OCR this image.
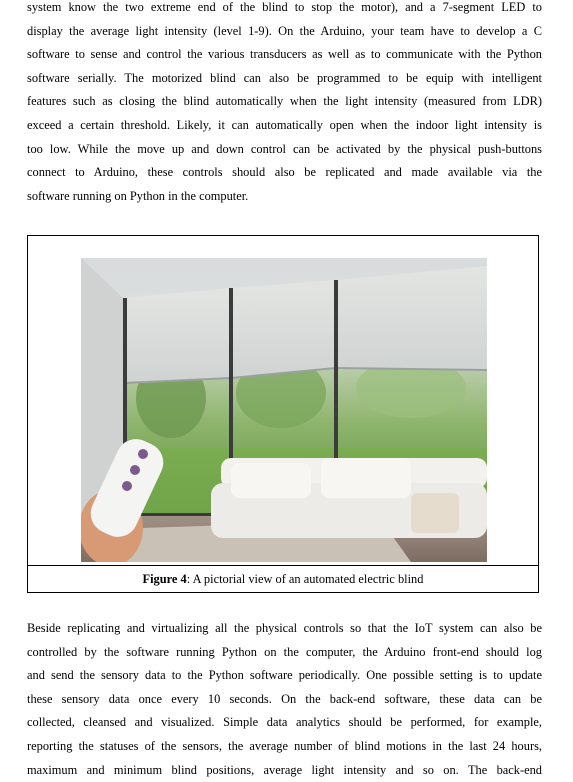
system know the two extreme end of the blind to stop the motor), and a 7-segment LED to
display the average light intensity (level 1-9). On the Arduino, your team have to develop a C
software to sense and control the various transducers as well as to communicate with the Python
software serially. The motorized blind can also be programmed to be equip with intelligent
features such as closing the blind automatically when the light intensity (measured from LDR)
exceed a certain threshold. Likely, it can automatically open when the indoor light intensity is
too low. While the move up and down control can be activated by the physical push-buttons
connect to Arduino, these controls should also be replicated and made available via the
software running on Python in the computer.
Figure 4: A pictorial view of an automated electric blind
Beside replicating and virtualizing all the physical controls so that the IoT system can also be
controlled by the software running Python on the computer, the Arduino front-end should log
and send the sensory data to the Python software periodically. One possible setting is to update
these sensory data once every 10 seconds. On the back-end software, these data can be
collected, cleansed and visualized. Simple data analytics should be performed, for example,
reporting the statuses of the sensors, the average number of blind motions in the last 24 hours,
maximum and minimum blind positions, average light intensity and so on. The back-end
